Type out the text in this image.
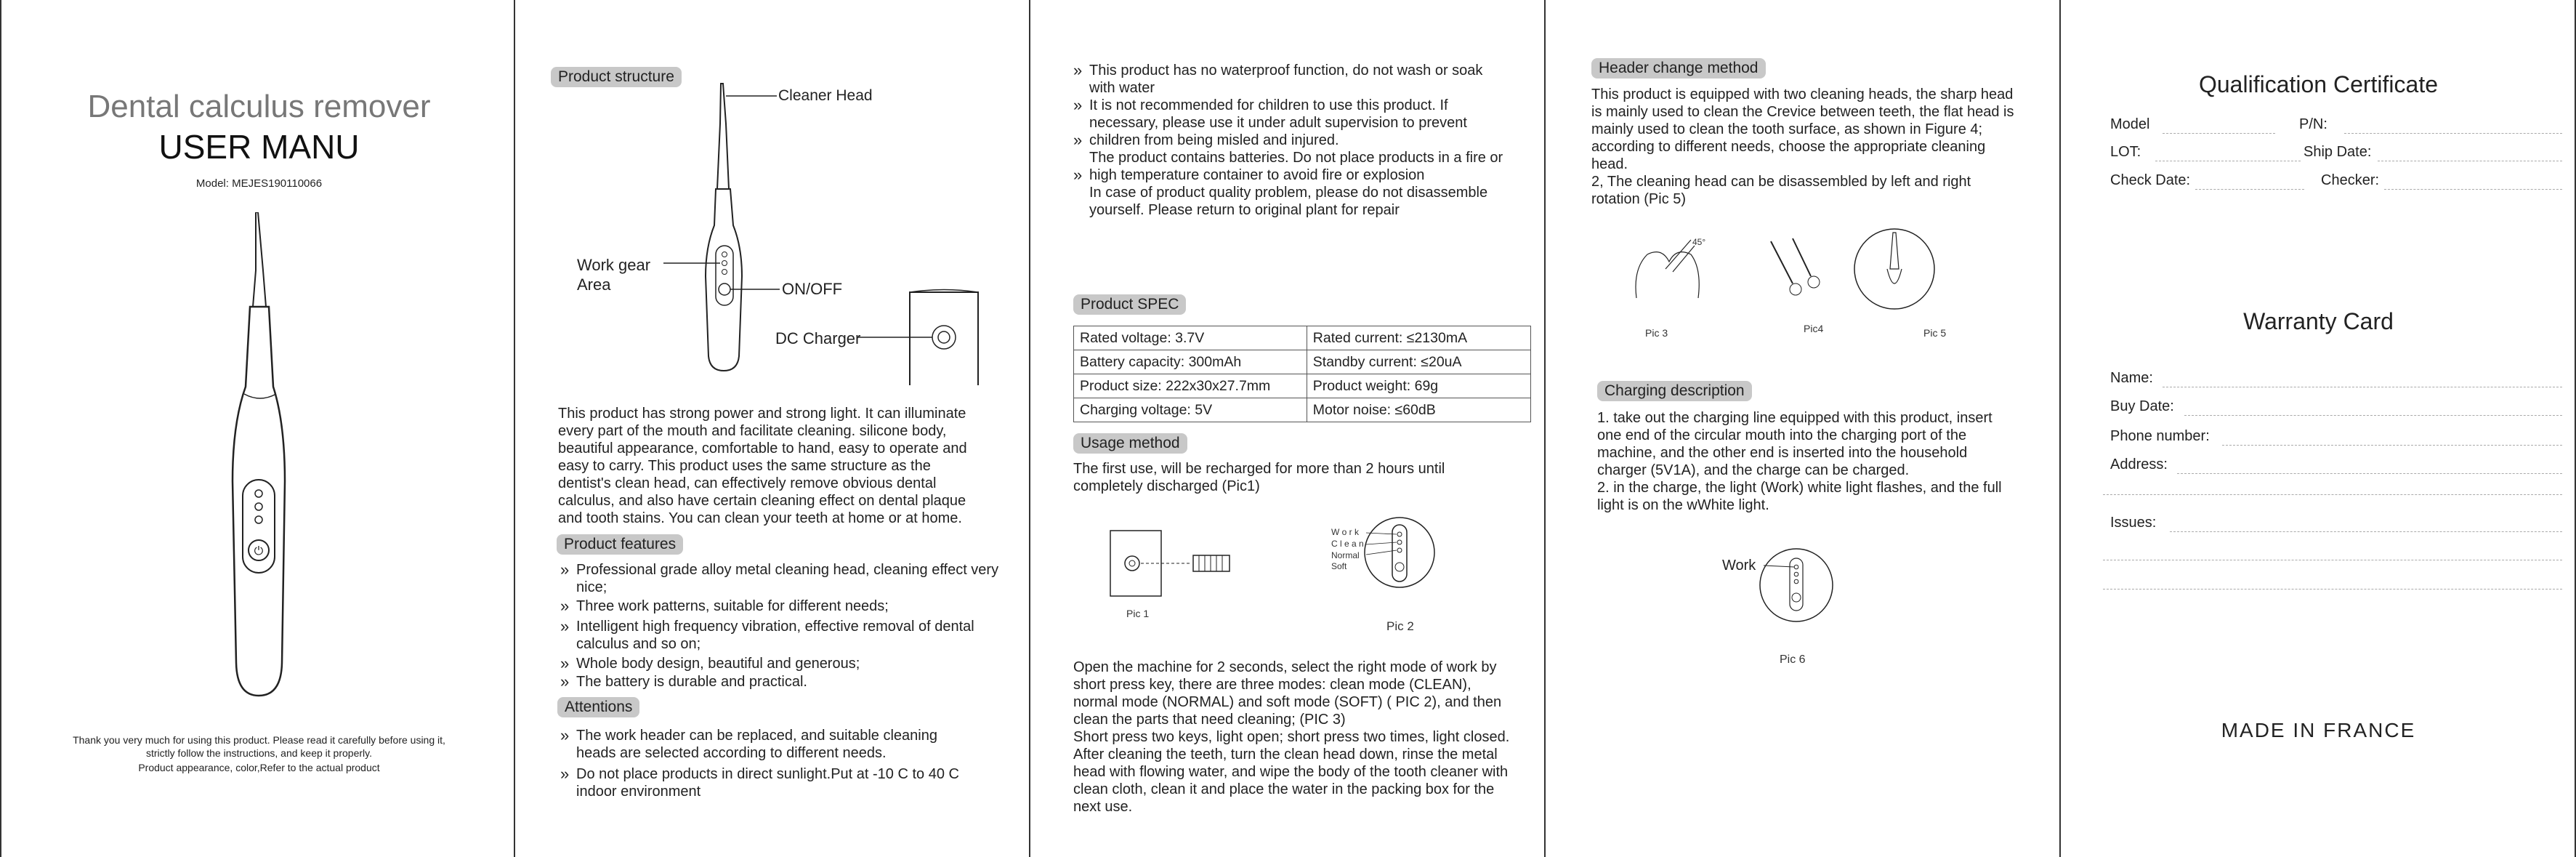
Dental calculus remover
USER MANU
Model: MEJES190110066
⏻
Thank you very much for using this product. Please read it carefully before using it,
strictly follow the instructions, and keep it properly.
Product appearance, color,Refer to the actual product
Product structure
Cleaner Head
Work gear
Area	ON/OFF
DC Charger
This product has strong power and strong light. It can illuminate
every part of the mouth and facilitate cleaning. silicone body,
beautiful appearance, comfortable to hand, easy to operate and
easy to carry. This product uses the same structure as the
dentist's clean head, can effectively remove obvious dental
calculus, and also have certain cleaning effect on dental plaque
and tooth stains. You can clean your teeth at home or at home.
Product features
» Professional grade alloy metal cleaning head, cleaning effect very
nice;
» Three work patterns, suitable for different needs;
» Intelligent high frequency vibration, effective removal of dental
calculus and so on;
» Whole body design, beautiful and generous;
» The battery is durable and practical.
Attentions
» The work header can be replaced, and suitable cleaning
heads are selected according to different needs.
» Do not place products in direct sunlight.Put at -10 C to 40 C
indoor environment
» This product has no waterproof function, do not wash or soak
with water
» It is not recommended for children to use this product. If
necessary, please use it under adult supervision to prevent
» children from being misled and injured.
The product contains batteries. Do not place products in a fire or
» high temperature container to avoid fire or explosion
In case of product quality problem, please do not disassemble
yourself. Please return to original plant for repair
Product SPEC
Rated voltage: 3.7V	Rated current: ≤2130mA
Battery capacity: 300mAh	Standby current: ≤20uA
Product size: 222x30x27.7mm	Product weight: 69g
Charging voltage: 5V	Motor noise: ≤60dB
Usage method
The first use, will be recharged for more than 2 hours until
completely discharged (Pic1)
W o r k
C l e a n
Normal
Soft
Pic 1
Pic 2
Open the machine for 2 seconds, select the right mode of work by
short press key, there are three modes: clean mode (CLEAN),
normal mode (NORMAL) and soft mode (SOFT) ( PIC 2), and then
clean the parts that need cleaning; (PIC 3)
Short press two keys, light open; short press two times, light closed.
After cleaning the teeth, turn the clean head down, rinse the metal
head with flowing water, and wipe the body of the tooth cleaner with
clean cloth, clean it and place the water in the packing box for the
next use.
Header change method
This product is equipped with two cleaning heads, the sharp head
is mainly used to clean the Crevice between teeth, the flat head is
mainly used to clean the tooth surface, as shown in Figure 4;
according to different needs, choose the appropriate cleaning
head.
2, The cleaning head can be disassembled by left and right
rotation (Pic 5)
45°
Pic 3	Pic4	Pic 5
Charging description
1. take out the charging line equipped with this product, insert
one end of the circular mouth into the charging port of the
machine, and the other end is inserted into the household
charger (5V1A), and the charge can be charged.
2. in the charge, the light (Work) white light flashes, and the full
light is on the wWhite light.
Work
Pic 6
Qualification Certificate
Model	P/N:
LOT:	Ship Date:
Check Date:	Checker:
Warranty Card
Name:
Buy Date:
Phone number:
Address:
Issues:
MADE IN FRANCE
